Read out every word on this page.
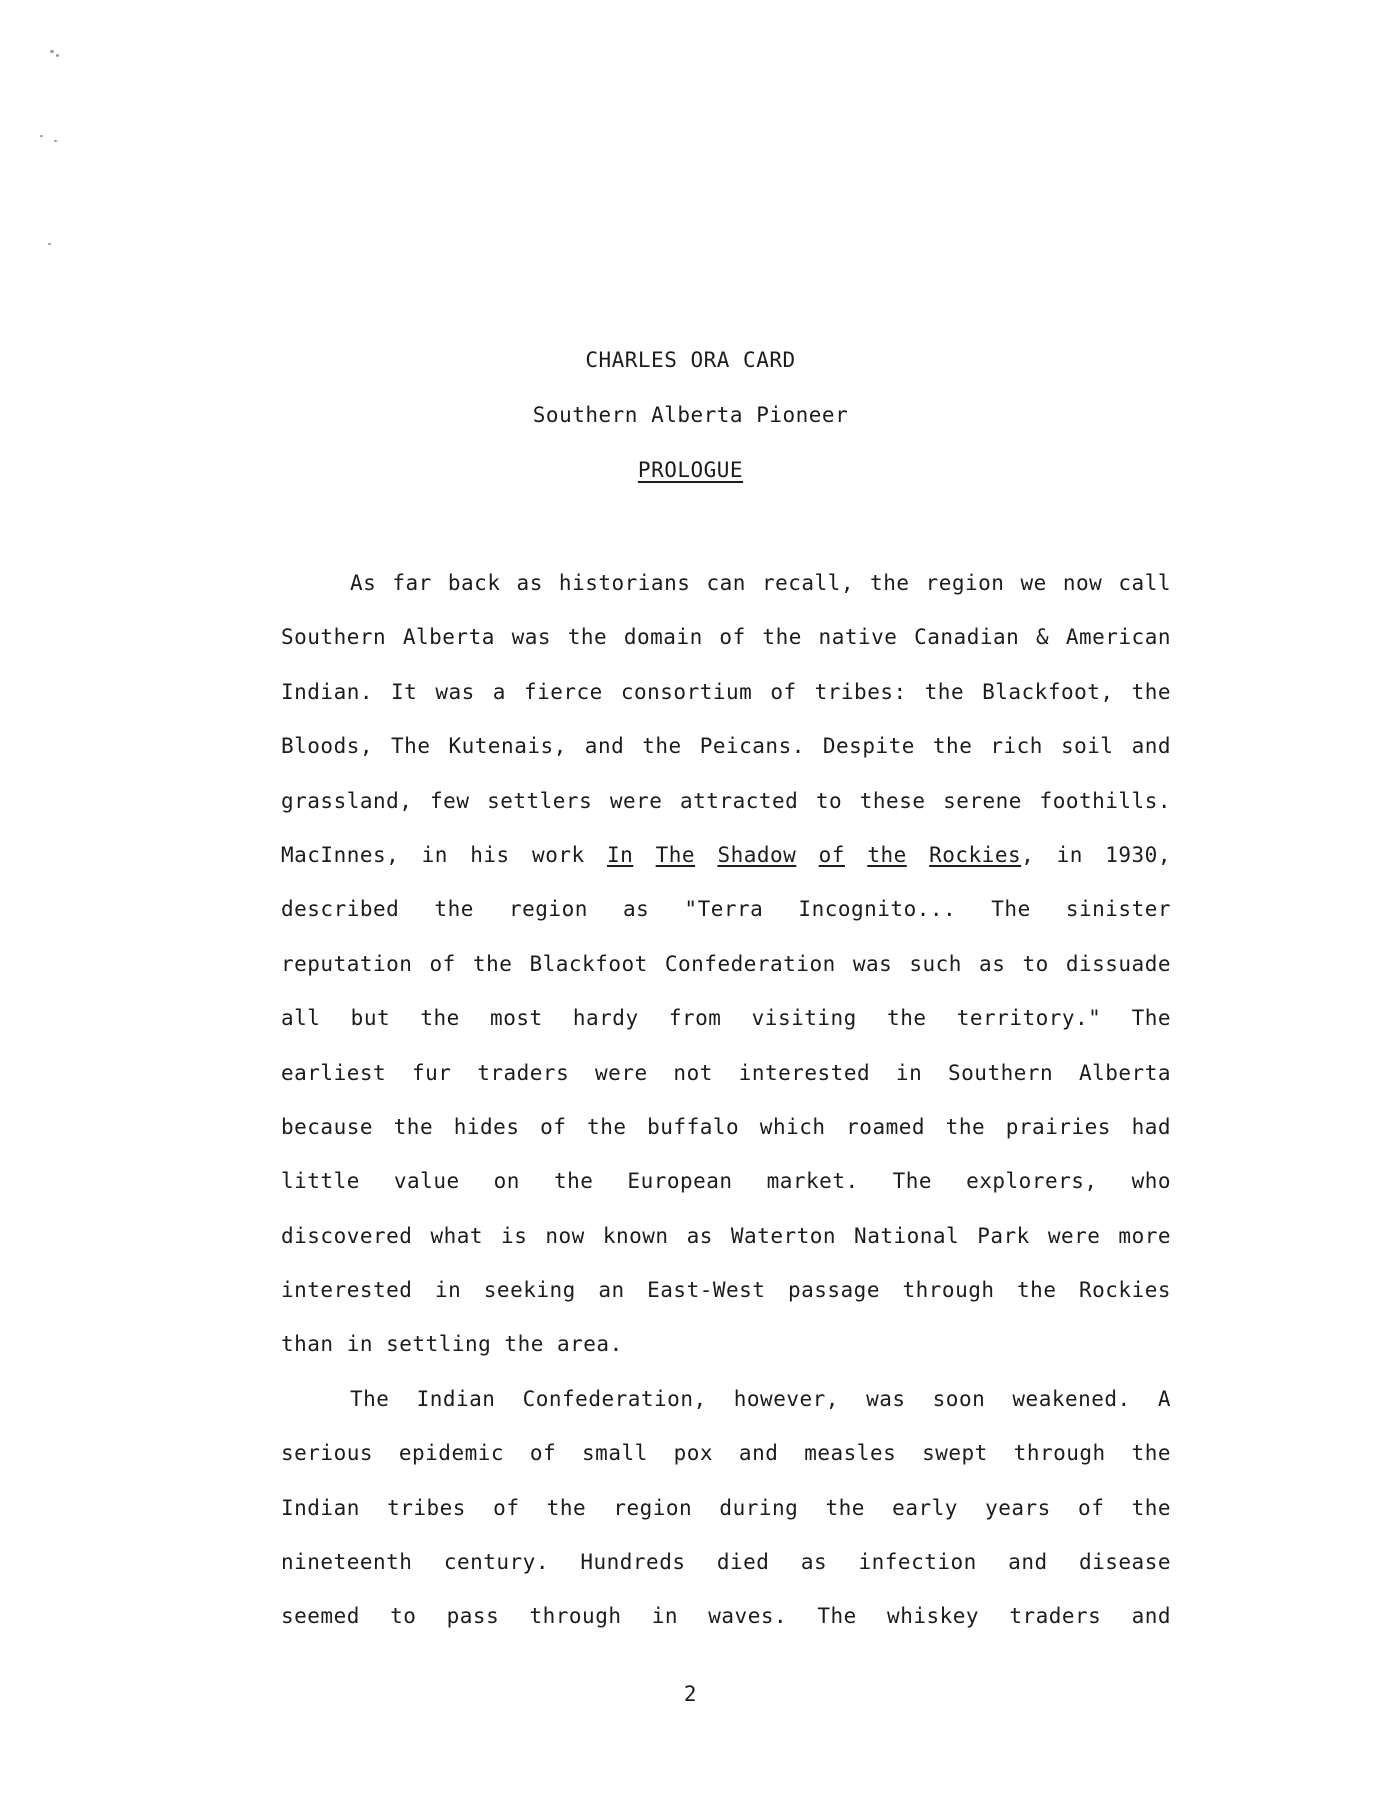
CHARLES ORA CARD
Southern Alberta Pioneer
PROLOGUE
As far back as historians can recall, the region we now call
Southern Alberta was the domain of the native Canadian & American
Indian. It was a fierce consortium of tribes: the Blackfoot, the
Bloods, The Kutenais, and the Peicans. Despite the rich soil and
grassland, few settlers were attracted to these serene foothills.
MacInnes, in his work In The Shadow of the Rockies, in 1930,
described the region as "Terra Incognito... The sinister
reputation of the Blackfoot Confederation was such as to dissuade
all but the most hardy from visiting the territory." The
earliest fur traders were not interested in Southern Alberta
because the hides of the buffalo which roamed the prairies had
little value on the European market. The explorers, who
discovered what is now known as Waterton National Park were more
interested in seeking an East-West passage through the Rockies
than in settling the area.
The Indian Confederation, however, was soon weakened. A
serious epidemic of small pox and measles swept through the
Indian tribes of the region during the early years of the
nineteenth century. Hundreds died as infection and disease
seemed to pass through in waves. The whiskey traders and
2
